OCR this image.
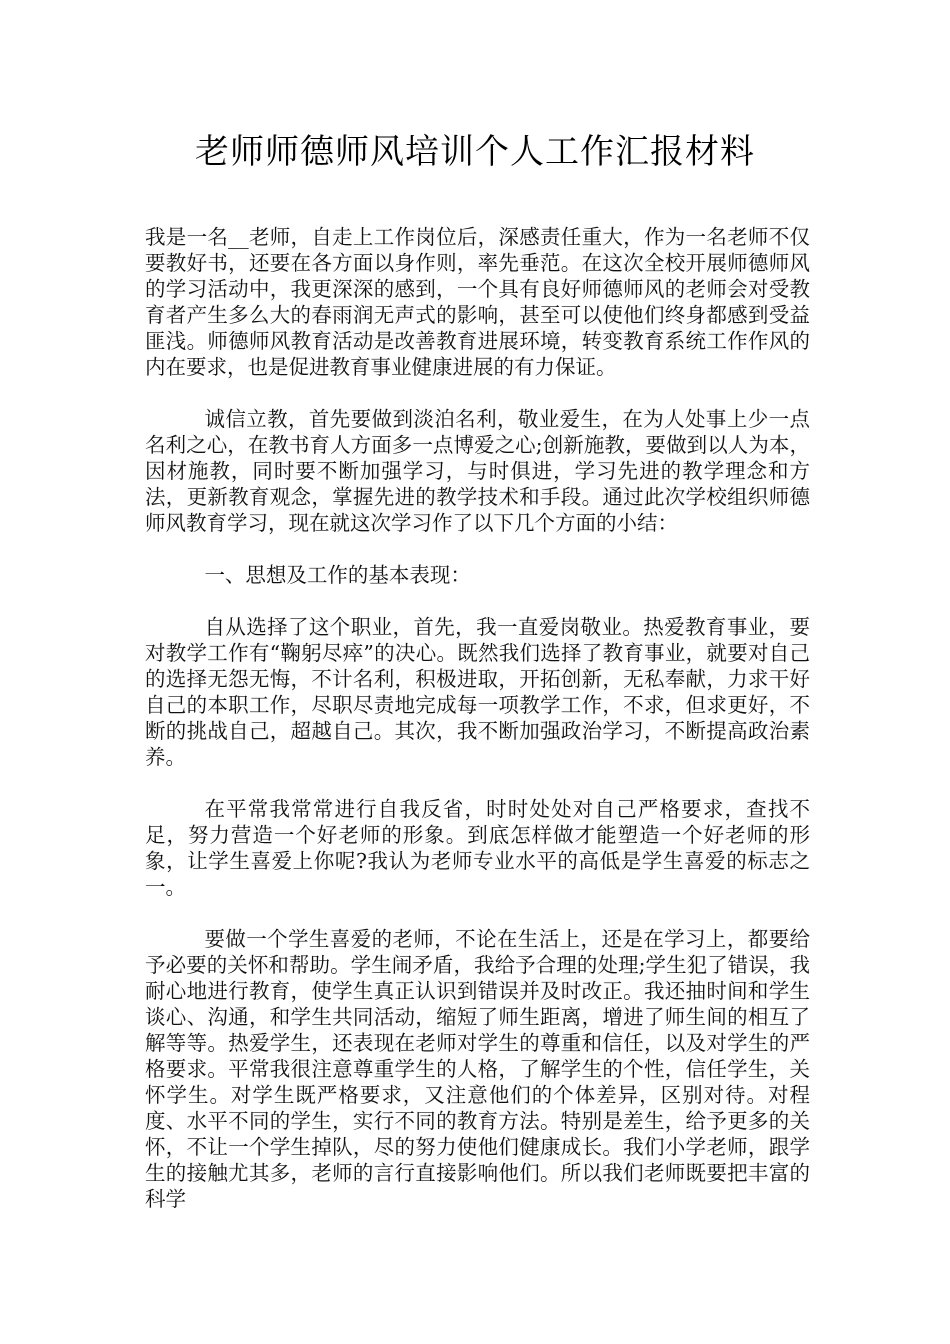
老师师德师风培训个人工作汇报材料

我是一名__老师，自走上工作岗位后，深感责任重大，作为一名老师不仅要教好书，还要在各方面以身作则，率先垂范。在这次全校开展师德师风的学习活动中，我更深深的感到，一个具有良好师德师风的老师会对受教育者产生多么大的春雨润无声式的影响，甚至可以使他们终身都感到受益匪浅。师德师风教育活动是改善教育进展环境，转变教育系统工作作风的内在要求，也是促进教育事业健康进展的有力保证。

诚信立教，首先要做到淡泊名利，敬业爱生，在为人处事上少一点名利之心，在教书育人方面多一点博爱之心;创新施教，要做到以人为本，因材施教，同时要不断加强学习，与时俱进，学习先进的教学理念和方法，更新教育观念，掌握先进的教学技术和手段。通过此次学校组织师德师风教育学习，现在就这次学习作了以下几个方面的小结：

一、思想及工作的基本表现：

自从选择了这个职业，首先，我一直爱岗敬业。热爱教育事业，要对教学工作有“鞠躬尽瘁”的决心。既然我们选择了教育事业，就要对自己的选择无怨无悔，不计名利，积极进取，开拓创新，无私奉献，力求干好自己的本职工作，尽职尽责地完成每一项教学工作，不求，但求更好，不断的挑战自己，超越自己。其次，我不断加强政治学习，不断提高政治素养。

在平常我常常进行自我反省，时时处处对自己严格要求，查找不足，努力营造一个好老师的形象。到底怎样做才能塑造一个好老师的形象，让学生喜爱上你呢?我认为老师专业水平的高低是学生喜爱的标志之一。

要做一个学生喜爱的老师，不论在生活上，还是在学习上，都要给予必要的关怀和帮助。学生闹矛盾，我给予合理的处理;学生犯了错误，我耐心地进行教育，使学生真正认识到错误并及时改正。我还抽时间和学生谈心、沟通，和学生共同活动，缩短了师生距离，增进了师生间的相互了解等等。热爱学生，还表现在老师对学生的尊重和信任，以及对学生的严格要求。平常我很注意尊重学生的人格，了解学生的个性，信任学生，关怀学生。对学生既严格要求，又注意他们的个体差异，区别对待。对程度、水平不同的学生，实行不同的教育方法。特别是差生，给予更多的关怀，不让一个学生掉队，尽的努力使他们健康成长。我们小学老师，跟学生的接触尤其多，老师的言行直接影响他们。所以我们老师既要把丰富的科学
